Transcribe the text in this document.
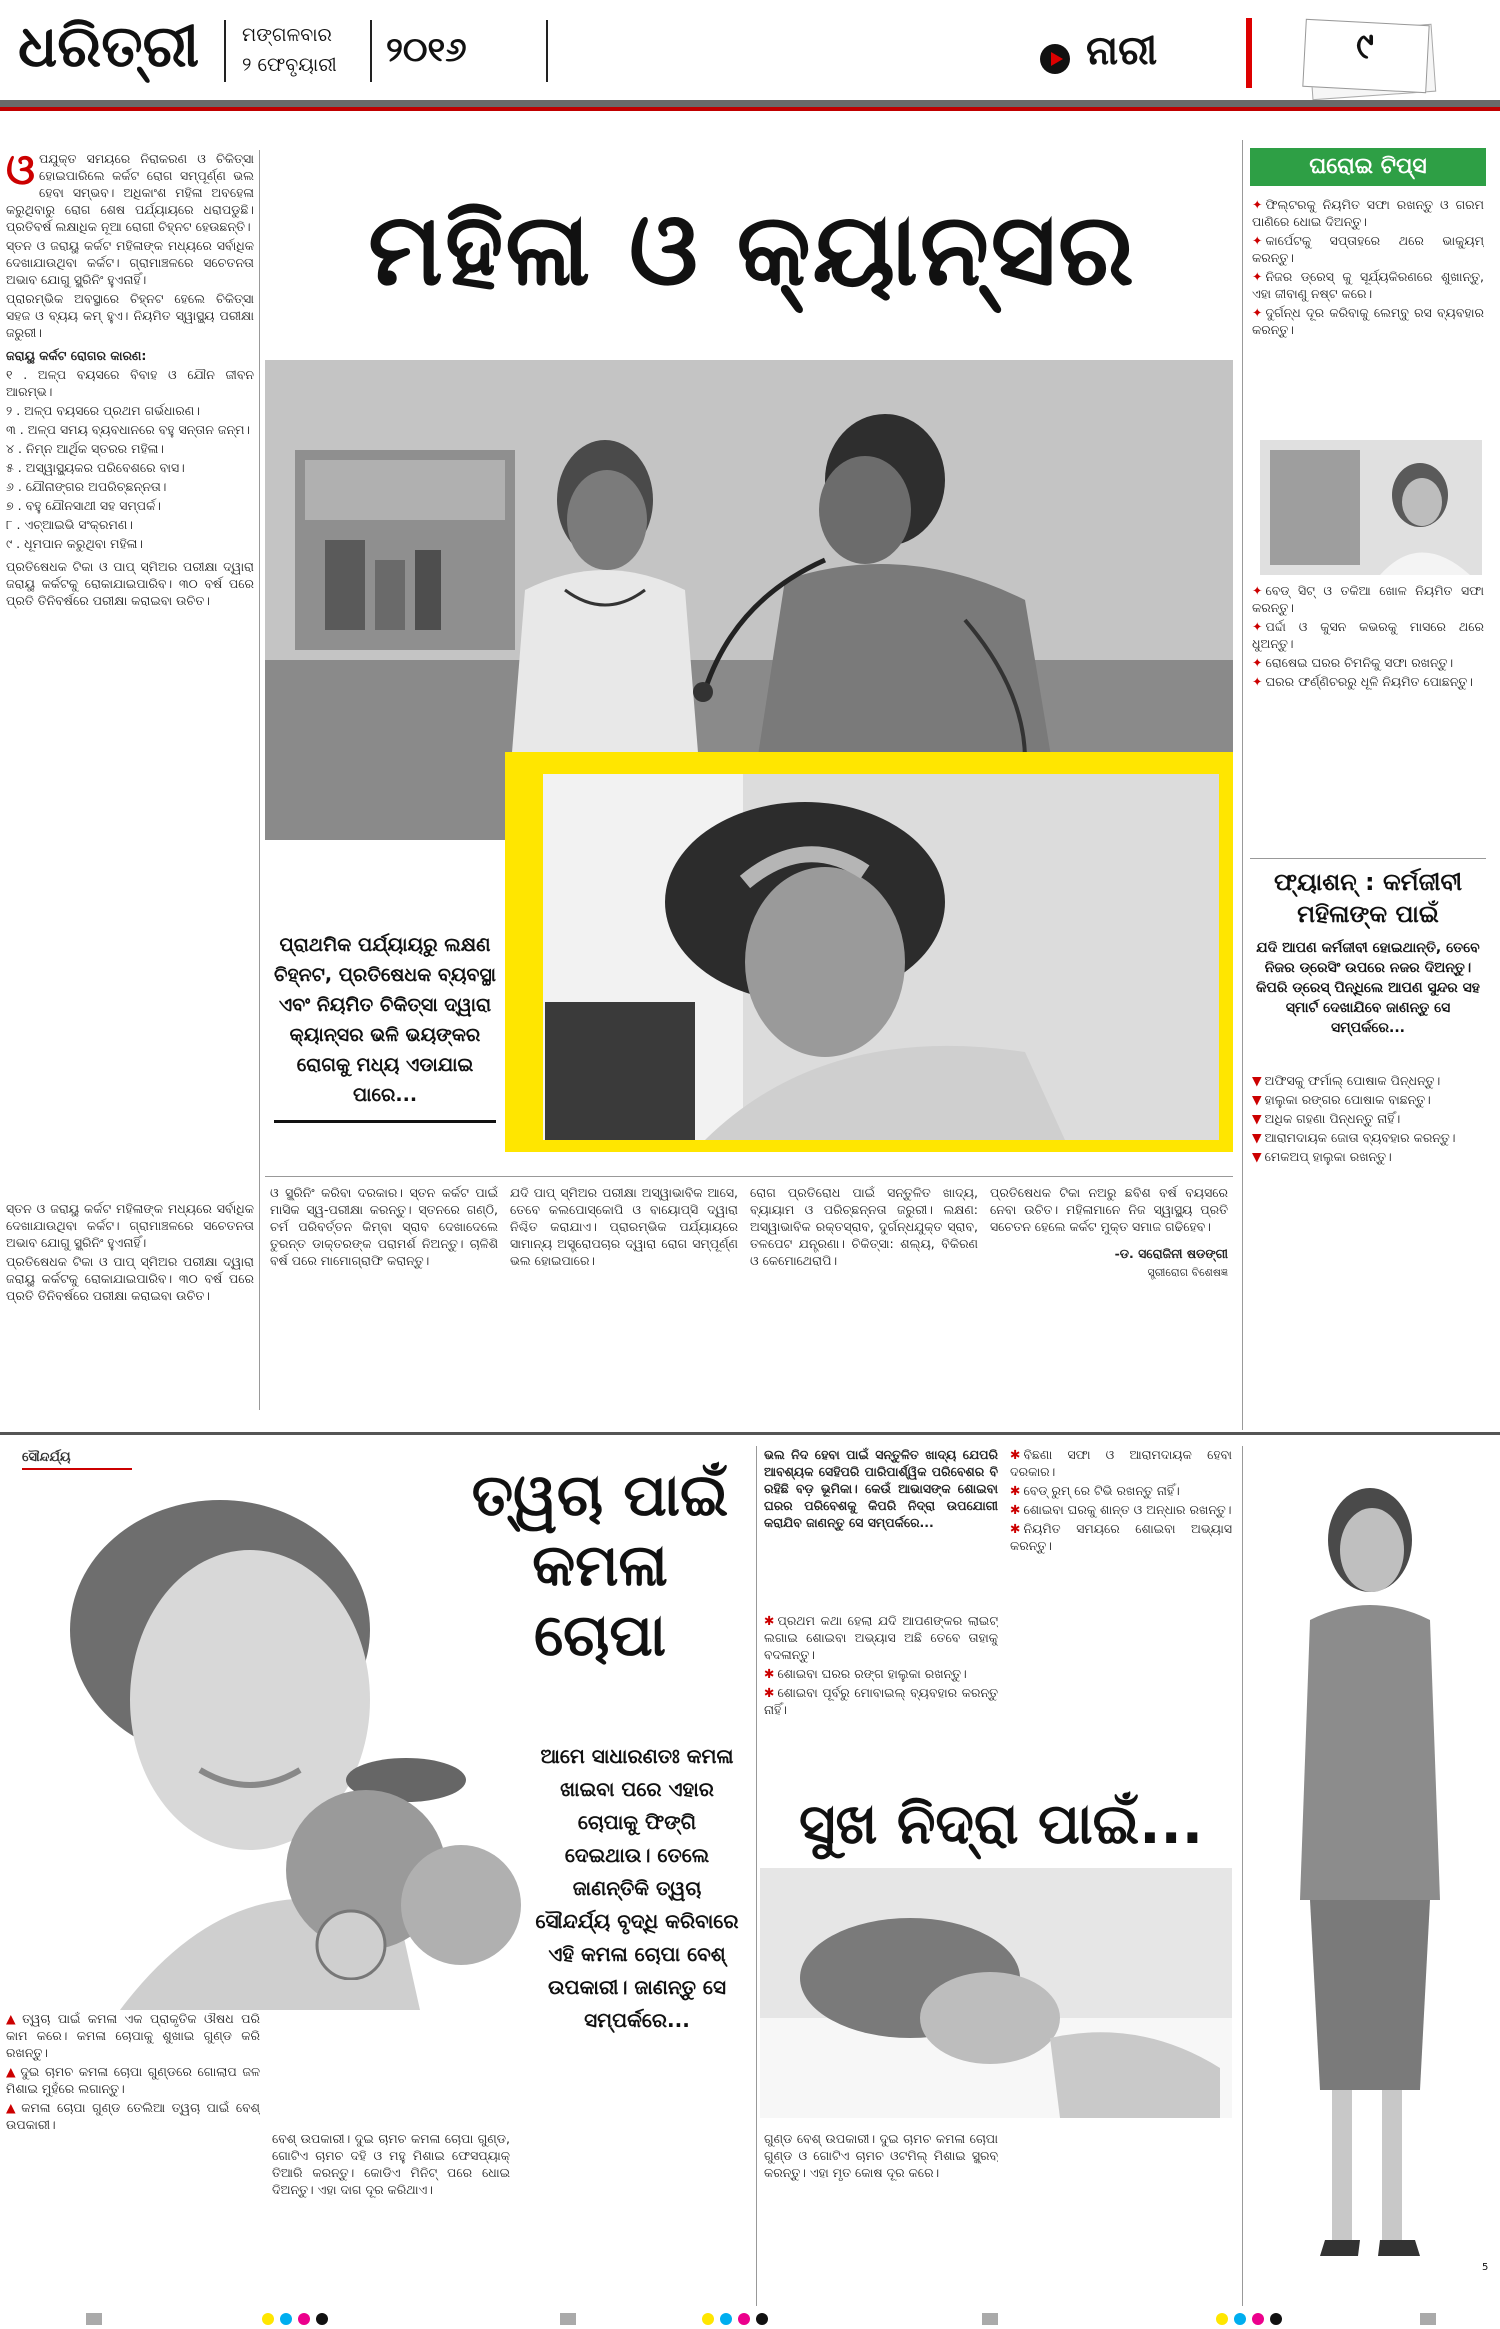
ଧରିତ୍ରୀ ମଙ୍ଗଳବାର
୨ ଫେବୃୟାରୀ ୨୦୧୬	ନାରୀ	୯

ଓପଯୁକ୍ତ ସମୟରେ ନିରାକରଣ ଓ ଚିକିତ୍ସା ହୋଇପାରିଲେ କର୍କଟ ରୋଗ ସମ୍ପୂର୍ଣ୍ଣ ଭଲ ହେବା ସମ୍ଭବ। ଅଧିକାଂଶ ମହିଳା ଅବହେଳା କରୁଥିବାରୁ ରୋଗ ଶେଷ ପର୍ଯ୍ୟାୟରେ ଧରାପଡୁଛି। ପ୍ରତିବର୍ଷ ଲକ୍ଷାଧିକ ନୂଆ ରୋଗୀ ଚିହ୍ନଟ ହେଉଛନ୍ତି।

ସ୍ତନ ଓ ଜରାୟୁ କର୍କଟ ମହିଳାଙ୍କ ମଧ୍ୟରେ ସର୍ବାଧିକ ଦେଖାଯାଉଥିବା କର୍କଟ। ଗ୍ରାମାଞ୍ଚଳରେ ସଚେତନତା ଅଭାବ ଯୋଗୁ ସ୍କ୍ରିନିଂ ହୁଏନାହିଁ।

ପ୍ରାରମ୍ଭିକ ଅବସ୍ଥାରେ ଚିହ୍ନଟ ହେଲେ ଚିକିତ୍ସା ସହଜ ଓ ବ୍ୟୟ କମ୍ ହୁଏ। ନିୟମିତ ସ୍ୱାସ୍ଥ୍ୟ ପରୀକ୍ଷା ଜରୁରୀ।

ଜରାୟୁ କର୍କଟ ରୋଗର କାରଣ:

୧ . ଅଳ୍ପ ବୟସରେ ବିବାହ ଓ ଯୌନ ଜୀବନ ଆରମ୍ଭ।

୨ . ଅଳ୍ପ ବୟସରେ ପ୍ରଥମ ଗର୍ଭଧାରଣ।

୩ . ଅଳ୍ପ ସମୟ ବ୍ୟବଧାନରେ ବହୁ ସନ୍ତାନ ଜନ୍ମ।

୪ . ନିମ୍ନ ଆର୍ଥିକ ସ୍ତରର ମହିଳା।

୫ . ଅସ୍ୱାସ୍ଥ୍ୟକର ପରିବେଶରେ ବାସ।

୬ . ଯୌନାଙ୍ଗର ଅପରିଚ୍ଛନ୍ନତା।

୭ . ବହୁ ଯୌନସାଥୀ ସହ ସମ୍ପର୍କ।

୮ . ଏଚ୍ଆଇଭି ସଂକ୍ରମଣ।

୯ . ଧୂମପାନ କରୁଥିବା ମହିଳା।

ପ୍ରତିଷେଧକ ଟିକା ଓ ପାପ୍ ସ୍ମିଅର ପରୀକ୍ଷା ଦ୍ୱାରା ଜରାୟୁ କର୍କଟକୁ ରୋକାଯାଇପାରିବ। ୩୦ ବର୍ଷ ପରେ ପ୍ରତି ତିନିବର୍ଷରେ ପରୀକ୍ଷା କରାଇବା ଉଚିତ।

ସ୍ତନ ଓ ଜରାୟୁ କର୍କଟ ମହିଳାଙ୍କ ମଧ୍ୟରେ ସର୍ବାଧିକ ଦେଖାଯାଉଥିବା କର୍କଟ। ଗ୍ରାମାଞ୍ଚଳରେ ସଚେତନତା ଅଭାବ ଯୋଗୁ ସ୍କ୍ରିନିଂ ହୁଏନାହିଁ।

ପ୍ରତିଷେଧକ ଟିକା ଓ ପାପ୍ ସ୍ମିଅର ପରୀକ୍ଷା ଦ୍ୱାରା ଜରାୟୁ କର୍କଟକୁ ରୋକାଯାଇପାରିବ। ୩୦ ବର୍ଷ ପରେ ପ୍ରତି ତିନିବର୍ଷରେ ପରୀକ୍ଷା କରାଇବା ଉଚିତ।

ମହିଳା ଓ କ୍ୟାନ୍ସର
ପ୍ରାଥମିକ ପର୍ଯ୍ୟାୟରୁ ଲକ୍ଷଣ ଚିହ୍ନଟ, ପ୍ରତିଷେଧକ ବ୍ୟବସ୍ଥା ଏବଂ ନିୟମିତ ଚିକିତ୍ସା ଦ୍ୱାରା କ୍ୟାନ୍ସର ଭଳି ଭୟଙ୍କର ରୋଗକୁ ମଧ୍ୟ ଏଡାଯାଇ ପାରେ...
ଓ ସ୍କ୍ରିନିଂ କରିବା ଦରକାର। ସ୍ତନ କର୍କଟ ପାଇଁ ମାସିକ ସ୍ୱ-ପରୀକ୍ଷା କରନ୍ତୁ। ସ୍ତନରେ ଗଣ୍ଠି, ଚର୍ମ ପରିବର୍ତ୍ତନ କିମ୍ବା ସ୍ରାବ ଦେଖାଦେଲେ ତୁରନ୍ତ ଡାକ୍ତରଙ୍କ ପରାମର୍ଶ ନିଅନ୍ତୁ। ଚାଳିଶି ବର୍ଷ ପରେ ମାମୋଗ୍ରାଫି କରାନ୍ତୁ।
ଯଦି ପାପ୍ ସ୍ମିଅର ପରୀକ୍ଷା ଅସ୍ୱାଭାବିକ ଆସେ, ତେବେ କଲପୋସ୍କୋପି ଓ ବାୟୋପ୍ସି ଦ୍ୱାରା ନିଶ୍ଚିତ କରାଯାଏ। ପ୍ରାରମ୍ଭିକ ପର୍ଯ୍ୟାୟରେ ସାମାନ୍ୟ ଅସ୍ତ୍ରୋପଚାର ଦ୍ୱାରା ରୋଗ ସମ୍ପୂର୍ଣ୍ଣ ଭଲ ହୋଇପାରେ।
ରୋଗ ପ୍ରତିରୋଧ ପାଇଁ ସନ୍ତୁଳିତ ଖାଦ୍ୟ, ବ୍ୟାୟାମ ଓ ପରିଚ୍ଛନ୍ନତା ଜରୁରୀ। ଲକ୍ଷଣ: ଅସ୍ୱାଭାବିକ ରକ୍ତସ୍ରାବ, ଦୁର୍ଗନ୍ଧଯୁକ୍ତ ସ୍ରାବ, ତଳପେଟ ଯନ୍ତ୍ରଣା। ଚିକିତ୍ସା: ଶଲ୍ୟ, ବିକିରଣ ଓ କେମୋଥେରାପି।

ପ୍ରତିଷେଧକ ଟିକା ନଅରୁ ଛବିଶ ବର୍ଷ ବୟସରେ ନେବା ଉଚିତ। ମହିଳାମାନେ ନିଜ ସ୍ୱାସ୍ଥ୍ୟ ପ୍ରତି ସଚେତନ ହେଲେ କର୍କଟ ମୁକ୍ତ ସମାଜ ଗଢିହେବ।

-ଡ. ସରୋଜିନୀ ଷଡଙ୍ଗୀ

ସ୍ତ୍ରୀରୋଗ ବିଶେଷଜ୍ଞ

ଘରୋଇ ଟିପ୍ସ

✦ ଫିଲ୍ଟରକୁ ନିୟମିତ ସଫା ରଖନ୍ତୁ ଓ ଗରମ ପାଣିରେ ଧୋଇ ଦିଅନ୍ତୁ।

✦ କାର୍ପେଟକୁ ସପ୍ତାହରେ ଥରେ ଭାକ୍ୟୁମ୍ କରନ୍ତୁ।

✦ ନିଜର ଡ୍ରେସ୍ କୁ ସୂର୍ଯ୍ୟକିରଣରେ ଶୁଖାନ୍ତୁ, ଏହା ଜୀବାଣୁ ନଷ୍ଟ କରେ।

✦ ଦୁର୍ଗନ୍ଧ ଦୂର କରିବାକୁ ଲେମ୍ବୁ ରସ ବ୍ୟବହାର କରନ୍ତୁ।

✦ ବେଡ୍ ସିଟ୍ ଓ ତକିଆ ଖୋଳ ନିୟମିତ ସଫା କରନ୍ତୁ।

✦ ପର୍ଦ୍ଦା ଓ କୁସନ କଭରକୁ ମାସରେ ଥରେ ଧୁଅନ୍ତୁ।

✦ ରୋଷେଇ ଘରର ଚିମନିକୁ ସଫା ରଖନ୍ତୁ।

✦ ଘରର ଫର୍ଣ୍ଣିଚରରୁ ଧୂଳି ନିୟମିତ ପୋଛନ୍ତୁ।

ଫ୍ୟାଶନ୍ : କର୍ମଜୀବୀ ମହିଳାଙ୍କ ପାଇଁ
ଯଦି ଆପଣ କର୍ମଜୀବୀ ହୋଇଥାନ୍ତି, ତେବେ ନିଜର ଡ୍ରେସିଂ ଉପରେ ନଜର ଦିଅନ୍ତୁ। କିପରି ଡ୍ରେସ୍ ପିନ୍ଧିଲେ ଆପଣ ସୁନ୍ଦର ସହ ସ୍ମାର୍ଟ ଦେଖାଯିବେ ଜାଣନ୍ତୁ ସେ ସମ୍ପର୍କରେ...

▼ ଅଫିସକୁ ଫର୍ମାଲ୍ ପୋଷାକ ପିନ୍ଧନ୍ତୁ।

▼ ହାଲୁକା ରଙ୍ଗର ପୋଷାକ ବାଛନ୍ତୁ।

▼ ଅଧିକ ଗହଣା ପିନ୍ଧନ୍ତୁ ନାହିଁ।

▼ ଆରାମଦାୟକ ଜୋତା ବ୍ୟବହାର କରନ୍ତୁ।

▼ ମେକଅପ୍ ହାଲୁକା ରଖନ୍ତୁ।

ସୌନ୍ଦର୍ଯ୍ୟ
ତ୍ୱଚା ପାଇଁ କମଳା ଚୋପା
ଆମେ ସାଧାରଣତଃ କମଳା ଖାଇବା ପରେ ଏହାର ଚୋପାକୁ ଫିଙ୍ଗି ଦେଇଥାଉ। ତେଲେ ଜାଣନ୍ତିକି ତ୍ୱଚା ସୌନ୍ଦର୍ଯ୍ୟ ବୃଦ୍ଧି କରିବାରେ ଏହି କମଳା ଚୋପା ବେଶ୍ ଉପକାରୀ। ଜାଣନ୍ତୁ ସେ ସମ୍ପର୍କରେ...

▲ ତ୍ୱଚା ପାଇଁ କମଳା ଏକ ପ୍ରାକୃତିକ ଔଷଧ ପରି କାମ କରେ। କମଳା ଚୋପାକୁ ଶୁଖାଇ ଗୁଣ୍ଡ କରି ରଖନ୍ତୁ।

▲ ଦୁଇ ଚାମଚ କମଳା ଚୋପା ଗୁଣ୍ଡରେ ଗୋଲାପ ଜଳ ମିଶାଇ ମୁହଁରେ ଲଗାନ୍ତୁ।

▲ କମଳା ଚୋପା ଗୁଣ୍ଡ ତେଲିଆ ତ୍ୱଚା ପାଇଁ ବେଶ୍ ଉପକାରୀ।

ବେଶ୍ ଉପକାରୀ। ଦୁଇ ଚାମଚ କମଳା ଚୋପା ଗୁଣ୍ଡ, ଗୋଟିଏ ଚାମଚ ଦହି ଓ ମହୁ ମିଶାଇ ଫେସପ୍ୟାକ୍ ତିଆରି କରନ୍ତୁ। କୋଡିଏ ମିନିଟ୍ ପରେ ଧୋଇ ଦିଅନ୍ତୁ। ଏହା ଦାଗ ଦୂର କରିଥାଏ।
ଭଲ ନିଦ ହେବା ପାଇଁ ସନ୍ତୁଳିତ ଖାଦ୍ୟ ଯେପରି ଆବଶ୍ୟକ ସେହିପରି ପାରିପାର୍ଶ୍ୱିକ ପରିବେଶର ବି ରହିଛି ବଡ଼ ଭୂମିକା। କେଉଁ ଆଭାସଙ୍କ ଶୋଇବା ଘରର ପରିବେଶକୁ କିପରି ନିଦ୍ରା ଉପଯୋଗୀ କରାଯିବ ଜାଣନ୍ତୁ ସେ ସମ୍ପର୍କରେ...

✱ ପ୍ରଥମ କଥା ହେଲା ଯଦି ଆପଣଙ୍କର ଲାଇଟ୍ ଲଗାଇ ଶୋଇବା ଅଭ୍ୟାସ ଅଛି ତେବେ ତାହାକୁ ବଦଳାନ୍ତୁ।

✱ ଶୋଇବା ଘରର ରଙ୍ଗ ହାଲୁକା ରଖନ୍ତୁ।

✱ ଶୋଇବା ପୂର୍ବରୁ ମୋବାଇଲ୍ ବ୍ୟବହାର କରନ୍ତୁ ନାହିଁ।

✱ ବିଛଣା ସଫା ଓ ଆରାମଦାୟକ ହେବା ଦରକାର।

✱ ବେଡ୍ ରୁମ୍ ରେ ଟିଭି ରଖନ୍ତୁ ନାହିଁ।

✱ ଶୋଇବା ଘରକୁ ଶାନ୍ତ ଓ ଅନ୍ଧାର ରଖନ୍ତୁ।

✱ ନିୟମିତ ସମୟରେ ଶୋଇବା ଅଭ୍ୟାସ କରନ୍ତୁ।

ସୁଖ ନିଦ୍ରା ପାଇଁ...
ଗୁଣ୍ଡ ବେଶ୍ ଉପକାରୀ। ଦୁଇ ଚାମଚ କମଳା ଚୋପା ଗୁଣ୍ଡ ଓ ଗୋଟିଏ ଚାମଚ ଓଟମିଲ୍ ମିଶାଇ ସ୍କ୍ରବ୍ କରନ୍ତୁ। ଏହା ମୃତ କୋଷ ଦୂର କରେ।
5
